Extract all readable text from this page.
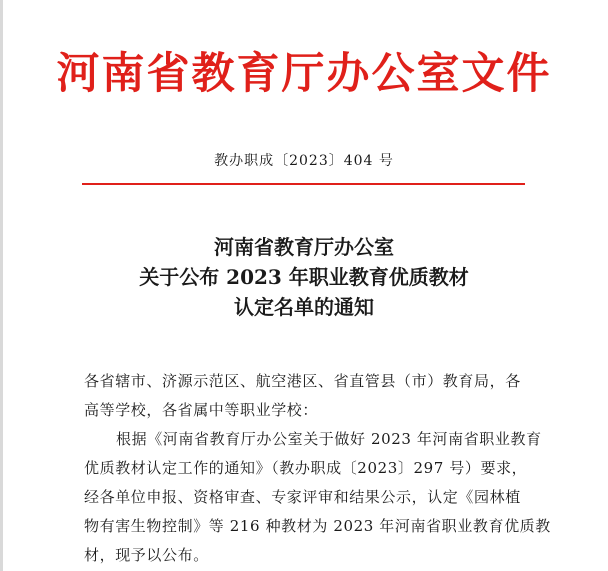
河南省教育厅办公室文件
教办职成〔2023〕404 号
河南省教育厅办公室
关于公布 2023 年职业教育优质教材
认定名单的通知
各省辖市、济源示范区、航空港区、省直管县（市）教育局，各
高等学校，各省属中等职业学校：
根据《河南省教育厅办公室关于做好 2023 年河南省职业教育
优质教材认定工作的通知》（教办职成〔2023〕297 号）要求，
经各单位申报、资格审查、专家评审和结果公示，认定《园林植
物有害生物控制》等 216 种教材为 2023 年河南省职业教育优质教
材，现予以公布。
